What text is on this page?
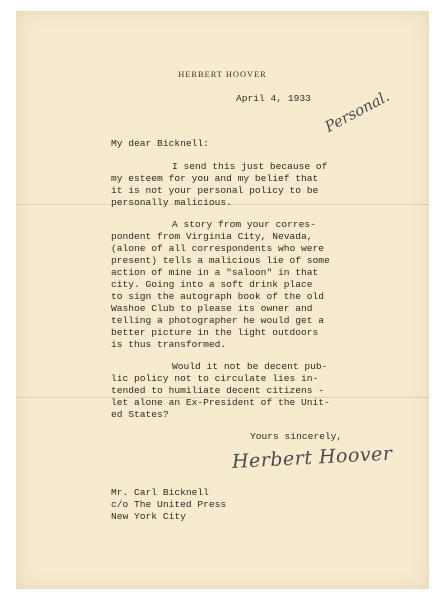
HERBERT HOOVER
April 4, 1933 Personal.
My dear Bicknell:
I send this just because of
my esteem for you and my belief that
it is not your personal policy to be
personally malicious.
A story from your corres-
pondent from Virginia City, Nevada,
(alone of all correspondents who were
present) tells a malicious lie of some
action of mine in a "saloon" in that
city. Going into a soft drink place
to sign the autograph book of the old
Washoe Club to please its owner and
telling a photographer he would get a
better picture in the light outdoors
is thus transformed.
Would it not be decent pub-
lic policy not to circulate lies in-
tended to humiliate decent citizens -
let alone an Ex-President of the Unit-
ed States?
Yours sincerely,
Herbert Hoover
Mr. Carl Bicknell
c/o The United Press
New York City
